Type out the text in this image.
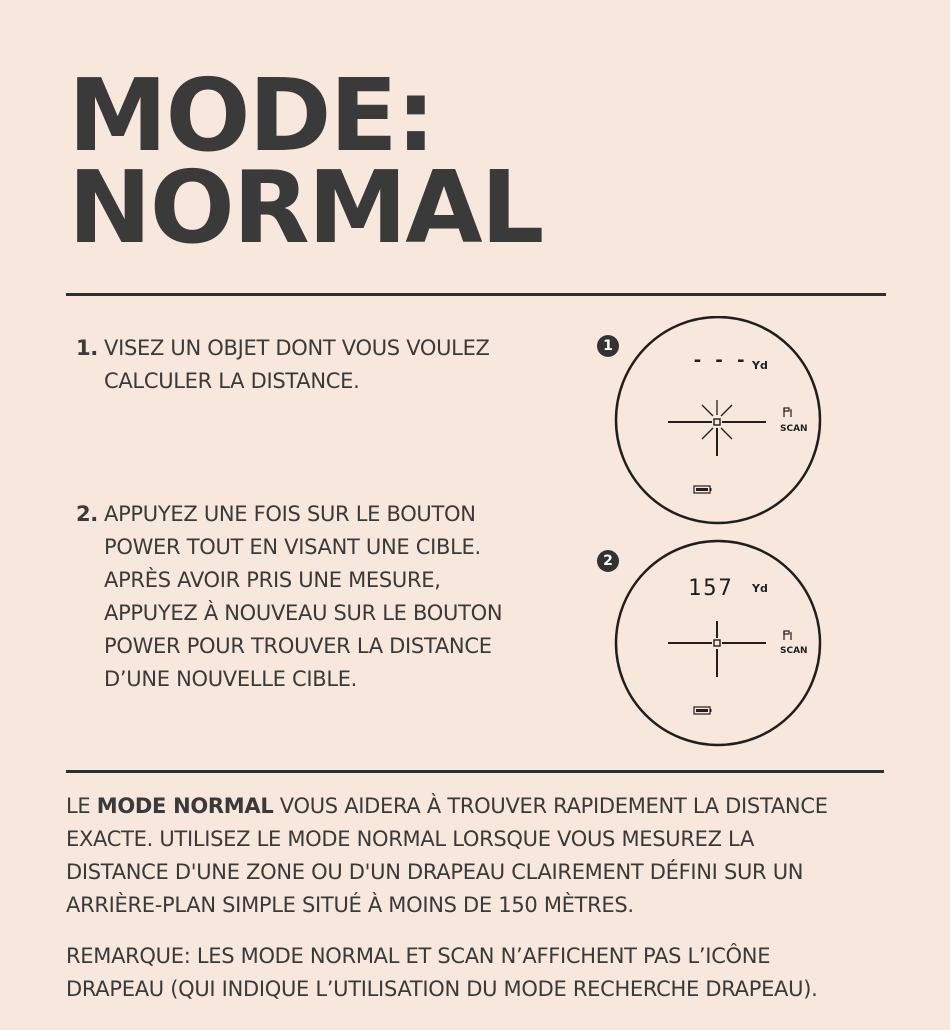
MODE:
NORMAL
1. VISEZ UN OBJET DONT VOUS VOULEZ
CALCULER LA DISTANCE.
2. APPUYEZ UNE FOIS SUR LE BOUTON
POWER TOUT EN VISANT UNE CIBLE.
APRÈS AVOIR PRIS UNE MESURE,
APPUYEZ À NOUVEAU SUR LE BOUTON
POWER POUR TROUVER LA DISTANCE
D’UNE NOUVELLE CIBLE.
1
- - - Yd
SCAN
2
157 Yd
SCAN
LE MODE NORMAL VOUS AIDERA À TROUVER RAPIDEMENT LA DISTANCE
EXACTE. UTILISEZ LE MODE NORMAL LORSQUE VOUS MESUREZ LA
DISTANCE D'UNE ZONE OU D'UN DRAPEAU CLAIREMENT DÉFINI SUR UN
ARRIÈRE-PLAN SIMPLE SITUÉ À MOINS DE 150 MÈTRES.
REMARQUE: LES MODE NORMAL ET SCAN N’AFFICHENT PAS L’ICÔNE
DRAPEAU (QUI INDIQUE L’UTILISATION DU MODE RECHERCHE DRAPEAU).
